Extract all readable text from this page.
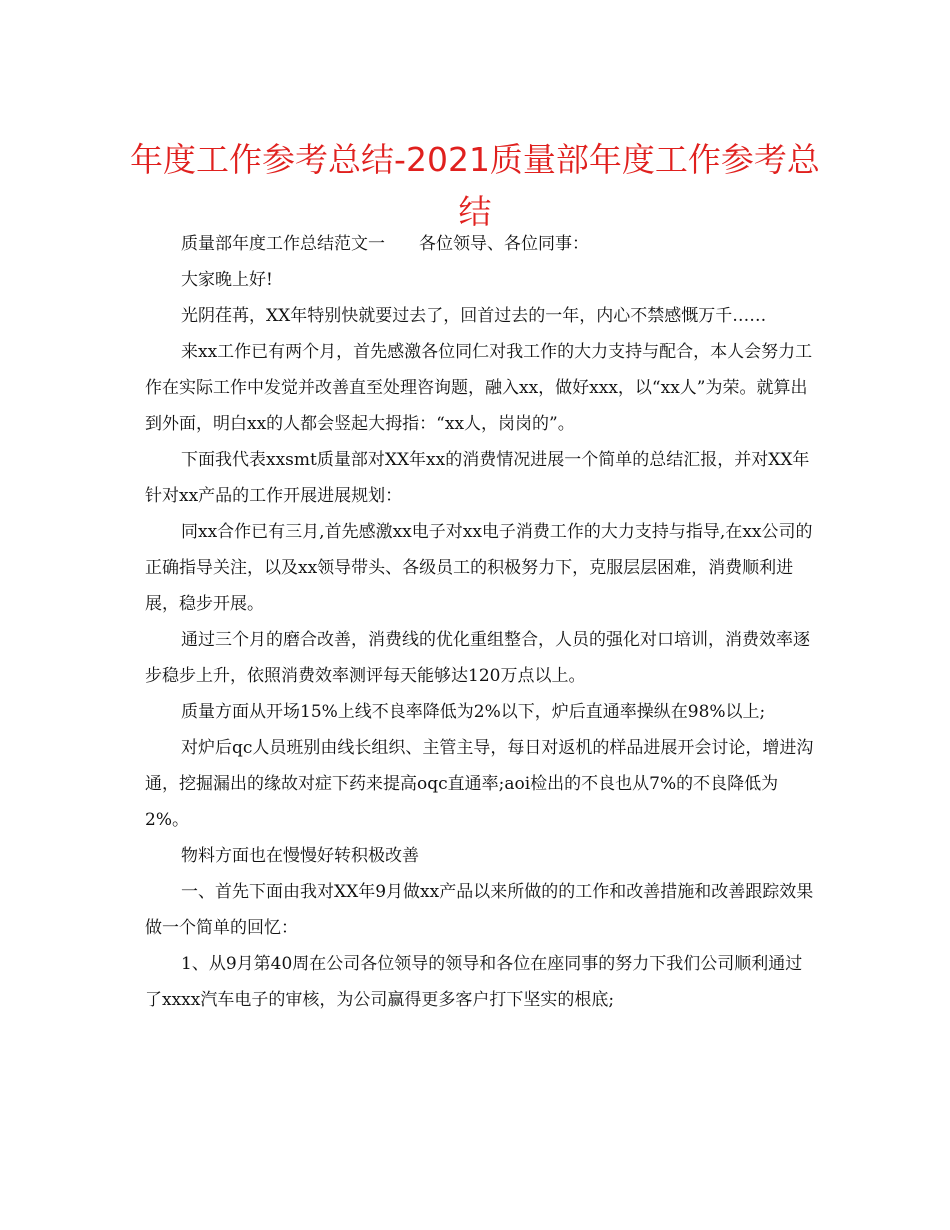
年度工作参考总结-2021质量部年度工作参考总
结

质量部年度工作总结范文一 各位领导、各位同事：

大家晚上好!

光阴荏苒，XX年特别快就要过去了，回首过去的一年，内心不禁感慨万千……

来xx工作已有两个月，首先感激各位同仁对我工作的大力支持与配合，本人会努力工作在实际工作中发觉并改善直至处理咨询题，融入xx，做好xxx，以“xx人”为荣。就算出到外面，明白xx的人都会竖起大拇指：“xx人，岗岗的”。

下面我代表xxsmt质量部对XX年xx的消费情况进展一个简单的总结汇报，并对XX年针对xx产品的工作开展进展规划：

同xx合作已有三月,首先感激xx电子对xx电子消费工作的大力支持与指导,在xx公司的正确指导关注，以及xx领导带头、各级员工的积极努力下，克服层层困难，消费顺利进展，稳步开展。

通过三个月的磨合改善，消费线的优化重组整合，人员的强化对口培训，消费效率逐步稳步上升，依照消费效率测评每天能够达120万点以上。

质量方面从开场15%上线不良率降低为2%以下，炉后直通率操纵在98%以上;

对炉后qc人员班别由线长组织、主管主导，每日对返机的样品进展开会讨论，增进沟通，挖掘漏出的缘故对症下药来提高oqc直通率;aoi检出的不良也从7%的不良降低为2%。

物料方面也在慢慢好转积极改善

一、首先下面由我对XX年9月做xx产品以来所做的的工作和改善措施和改善跟踪效果做一个简单的回忆：

1、从9月第40周在公司各位领导的领导和各位在座同事的努力下我们公司顺利通过了xxxx汽车电子的审核，为公司赢得更多客户打下坚实的根底;
